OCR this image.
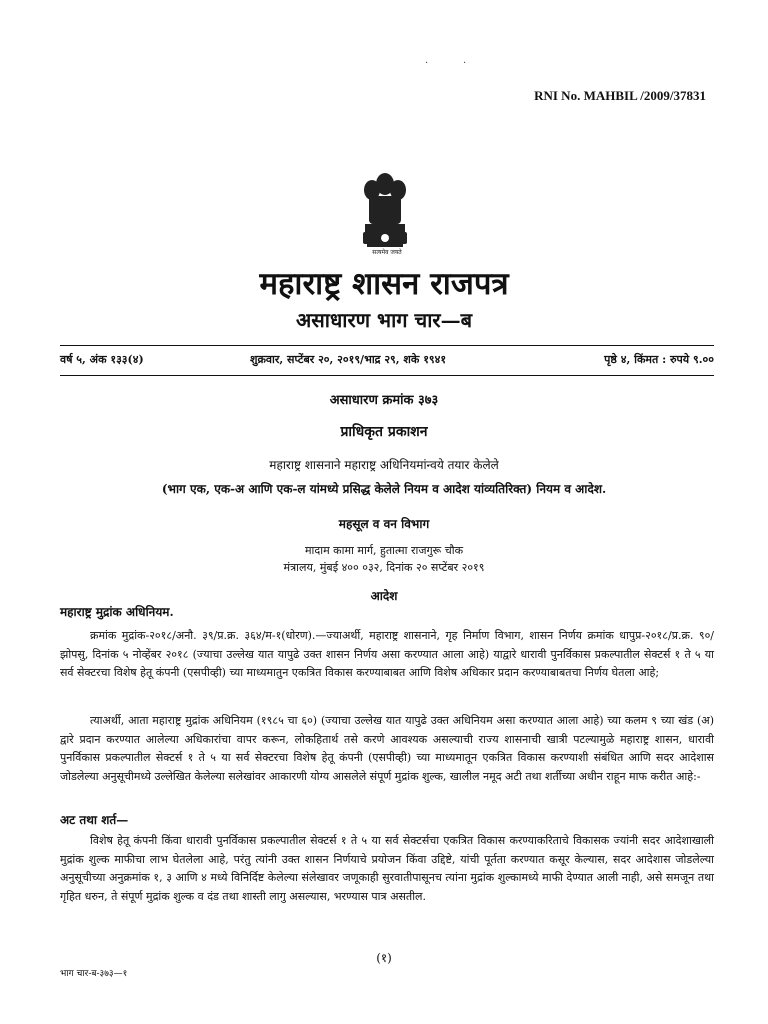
·	·
RNI No. MAHBIL /2009/37831
सत्यमेव जयते
महाराष्ट्र शासन राजपत्र
असाधारण भाग चार—ब
वर्ष ५, अंक १३३(४)	शुक्रवार, सप्टेंबर २०, २०१९/भाद्र २९, शके १९४१	पृष्ठे ४, किंमत : रुपये ९.००
असाधारण क्रमांक ३७३
प्राधिकृत प्रकाशन
महाराष्ट्र शासनाने महाराष्ट्र अधिनियमांन्वये तयार केलेले
(भाग एक, एक-अ आणि एक-ल यांमध्ये प्रसिद्ध केलेले नियम व आदेश यांव्यतिरिक्त) नियम व आदेश.
महसूल व वन विभाग
मादाम कामा मार्ग, हुतात्मा राजगुरू चौक
मंत्रालय, मुंबई ४०० ०३२, दिनांक २० सप्टेंबर २०१९
आदेश
महाराष्ट्र मुद्रांक अधिनियम.

क्रमांक मुद्रांक-२०१८/अनौ. ३९/प्र.क्र. ३६४/म-१(धोरण).—ज्याअर्थी, महाराष्ट्र शासनाने, गृह निर्माण विभाग, शासन निर्णय क्रमांक धापुप्र-२०१८/प्र.क्र. ९०/झोपसु, दिनांक ५ नोव्हेंबर २०१८ (ज्याचा उल्लेख यात यापुढे उक्त शासन निर्णय असा करण्यात आला आहे) याद्वारे धारावी पुनर्विकास प्रकल्पातील सेक्टर्स १ ते ५ या सर्व सेक्टरचा विशेष हेतू कंपनी (एसपीव्ही) च्या माध्यमातुन एकत्रित विकास करण्याबाबत आणि विशेष अधिकार प्रदान करण्याबाबतचा निर्णय घेतला आहे;

त्याअर्थी, आता महाराष्ट्र मुद्रांक अधिनियम (१९८५ चा ६०) (ज्याचा उल्लेख यात यापुढे उक्त अधिनियम असा करण्यात आला आहे) च्या कलम ९ च्या खंड (अ) द्वारे प्रदान करण्यात आलेल्या अधिकारांचा वापर करून, लोकहितार्थ तसे करणे आवश्यक असल्याची राज्य शासनाची खात्री पटल्यामुळे महाराष्ट्र शासन, धारावी पुनर्विकास प्रकल्पातील सेक्टर्स १ ते ५ या सर्व सेक्टरचा विशेष हेतू कंपनी (एसपीव्ही) च्या माध्यमातून एकत्रित विकास करण्याशी संबंधित आणि सदर आदेशास जोडलेल्या अनुसूचीमध्ये उल्लेखित केलेल्या सलेखांवर आकारणी योग्य आसलेले संपूर्ण मुद्रांक शुल्क, खालील नमूद अटी तथा शर्तीच्या अधीन राहून माफ करीत आहे:-

अट तथा शर्त—

विशेष हेतू कंपनी किंवा धारावी पुनर्विकास प्रकल्पातील सेक्टर्स १ ते ५ या सर्व सेक्टर्सचा एकत्रित विकास करण्याकरिताचे विकासक ज्यांनी सदर आदेशाखाली मुद्रांक शुल्क माफीचा लाभ घेतलेला आहे, परंतु त्यांनी उक्त शासन निर्णयाचे प्रयोजन किंवा उद्दिष्टे, यांची पूर्तता करण्यात कसूर केल्यास, सदर आदेशास जोडलेल्या अनुसूचीच्या अनुक्रमांक १, ३ आणि ४ मध्ये विनिर्दिष्ट केलेल्या संलेखावर जणूकाही सुरवातीपासूनच त्यांना मुद्रांक शुल्कामध्ये माफी देण्यात आली नाही, असे समजून तथा गृहित धरुन, ते संपूर्ण मुद्रांक शुल्क व दंड तथा शास्ती लागु असल्यास, भरण्यास पात्र असतील.

(१)
भाग चार-ब-३७३—१
